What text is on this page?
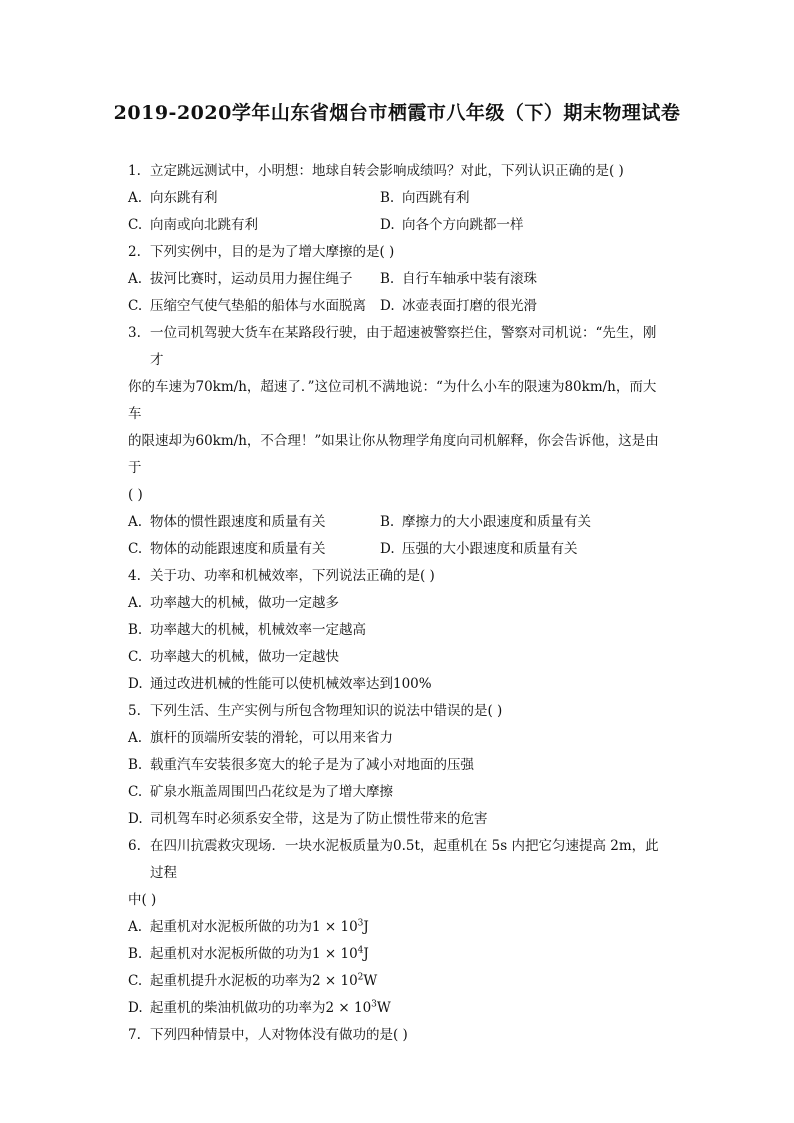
2019-2020学年山东省烟台市栖霞市八年级（下）期末物理试卷
1. 立定跳远测试中，小明想：地球自转会影响成绩吗？对此，下列认识正确的是( )
A. 向东跳有利	B. 向西跳有利
C. 向南或向北跳有利	D. 向各个方向跳都一样
2. 下列实例中，目的是为了增大摩擦的是( )
A. 拔河比赛时，运动员用力握住绳子 B. 自行车轴承中装有滚珠
C. 压缩空气使气垫船的船体与水面脱离 D. 冰壶表面打磨的很光滑
3. 一位司机驾驶大货车在某路段行驶，由于超速被警察拦住，警察对司机说：“先生，刚才
你的车速为70km/h，超速了．”这位司机不满地说：“为什么小车的限速为80km/h，而大车
的限速却为60km/h，不合理！”如果让你从物理学角度向司机解释，你会告诉他，这是由于
( )
A. 物体的惯性跟速度和质量有关	B. 摩擦力的大小跟速度和质量有关
C. 物体的动能跟速度和质量有关	D. 压强的大小跟速度和质量有关
4. 关于功、功率和机械效率，下列说法正确的是( )
A. 功率越大的机械，做功一定越多
B. 功率越大的机械，机械效率一定越高
C. 功率越大的机械，做功一定越快
D. 通过改进机械的性能可以使机械效率达到100%
5. 下列生活、生产实例与所包含物理知识的说法中错误的是( )
A. 旗杆的顶端所安装的滑轮，可以用来省力
B. 载重汽车安装很多宽大的轮子是为了减小对地面的压强
C. 矿泉水瓶盖周围凹凸花纹是为了增大摩擦
D. 司机驾车时必须系安全带，这是为了防止惯性带来的危害
6. 在四川抗震救灾现场．一块水泥板质量为0.5t，起重机在 5s 内把它匀速提高 2m，此过程
中( )
A. 起重机对水泥板所做的功为$1 \times 10^3J$
B. 起重机对水泥板所做的功为$1 \times 10^4J$
C. 起重机提升水泥板的功率为$2 \times 10^2W$
D. 起重机的柴油机做功的功率为$2 \times 10^3W$
7. 下列四种情景中，人对物体没有做功的是( )
